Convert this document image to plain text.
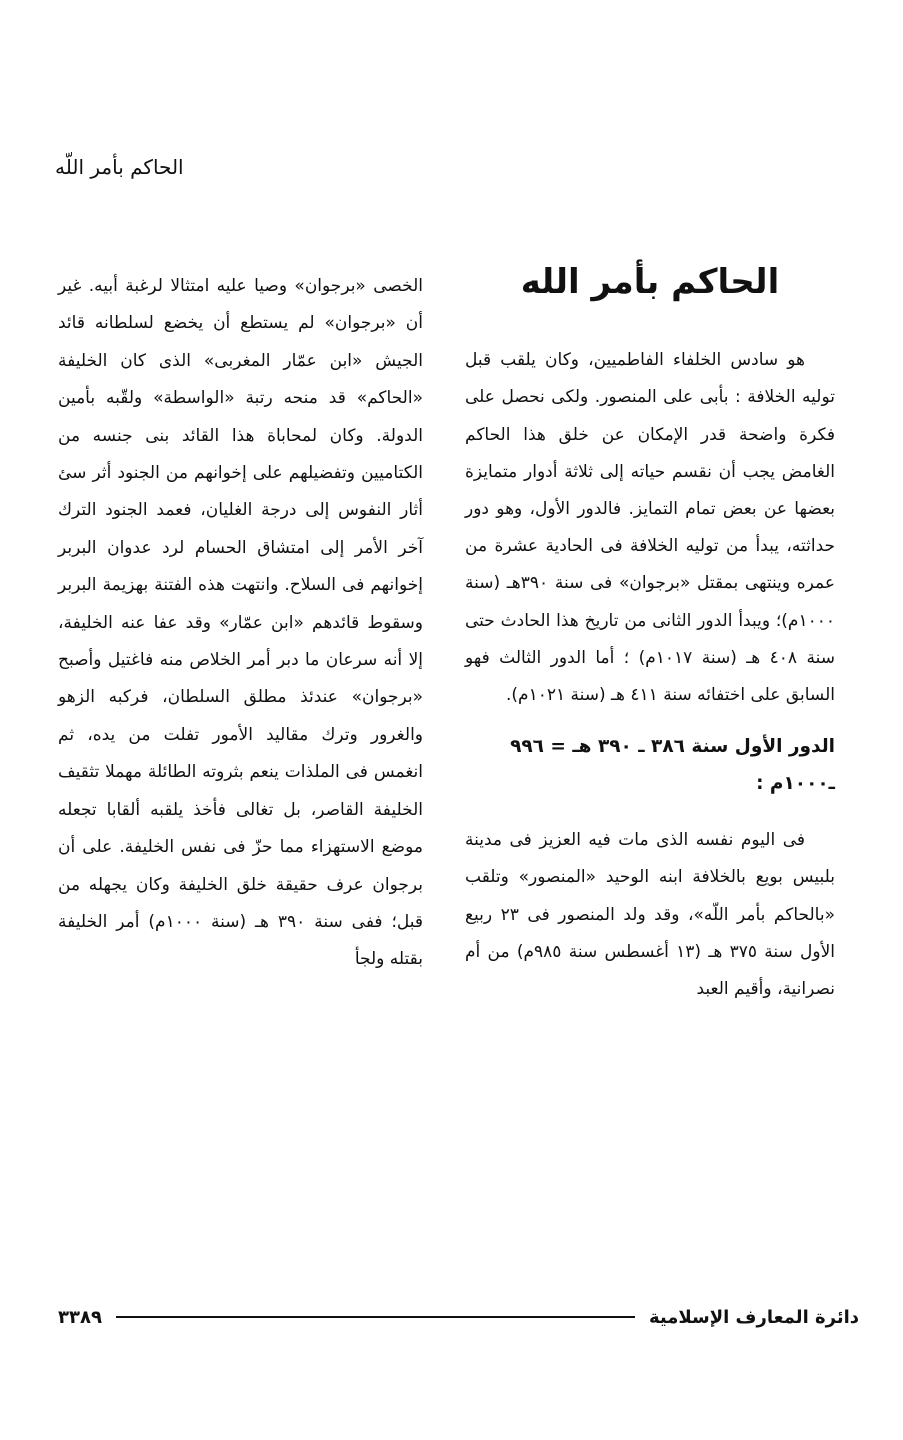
الحاكم بأمر اللّه
الحاكم بأمر الله

هو سادس الخلفاء الفاطميين، وكان يلقب قبل توليه الخلافة : بأبى على المنصور. ولكى نحصل على فكرة واضحة قدر الإمكان عن خلق هذا الحاكم الغامض يجب أن نقسم حياته إلى ثلاثة أدوار متمايزة بعضها عن بعض تمام التمايز. فالدور الأول، وهو دور حداثته، يبدأ من توليه الخلافة فى الحادية عشرة من عمره وينتهى بمقتل «برجوان» فى سنة ٣٩٠هـ (سنة ١٠٠٠م)؛ ويبدأ الدور الثانى من تاريخ هذا الحادث حتى سنة ٤٠٨ هـ (سنة ١٠١٧م) ؛ أما الدور الثالث فهو السابق على اختفائه سنة ٤١١ هـ (سنة ١٠٢١م).

الدور الأول سنة ٣٨٦ ـ ٣٩٠ هـ = ٩٩٦ ـ١٠٠٠م :

فى اليوم نفسه الذى مات فيه العزيز فى مدينة بلبيس بويع بالخلافة ابنه الوحيد «المنصور» وتلقب «بالحاكم بأمر اللّه»، وقد ولد المنصور فى ٢٣ ربيع الأول سنة ٣٧٥ هـ (١٣ أغسطس سنة ٩٨٥م) من أم نصرانية، وأقيم العبد

الخصى «برجوان» وصيا عليه امتثالا لرغبة أبيه. غير أن «برجوان» لم يستطع أن يخضع لسلطانه قائد الجيش «ابن عمّار المغربى» الذى كان الخليفة «الحاكم» قد منحه رتبة «الواسطة» ولقّبه بأمين الدولة. وكان لمحاباة هذا القائد بنى جنسه من الكتاميين وتفضيلهم على إخوانهم من الجنود أثر سئ أثار النفوس إلى درجة الغليان، فعمد الجنود الترك آخر الأمر إلى امتشاق الحسام لرد عدوان البربر إخوانهم فى السلاح. وانتهت هذه الفتنة بهزيمة البربر وسقوط قائدهم «ابن عمّار» وقد عفا عنه الخليفة، إلا أنه سرعان ما دبر أمر الخلاص منه فاغتيل وأصبح «برجوان» عندئذ مطلق السلطان، فركبه الزهو والغرور وترك مقاليد الأمور تفلت من يده، ثم انغمس فى الملذات ينعم بثروته الطائلة مهملا تثقيف الخليفة القاصر، بل تغالى فأخذ يلقبه ألقابا تجعله موضع الاستهزاء مما حزّ فى نفس الخليفة. على أن برجوان عرف حقيقة خلق الخليفة وكان يجهله من قبل؛ ففى سنة ٣٩٠ هـ (سنة ١٠٠٠م) أمر الخليفة بقتله ولجأ

دائرة المعارف الإسلامية
٣٣٨٩
